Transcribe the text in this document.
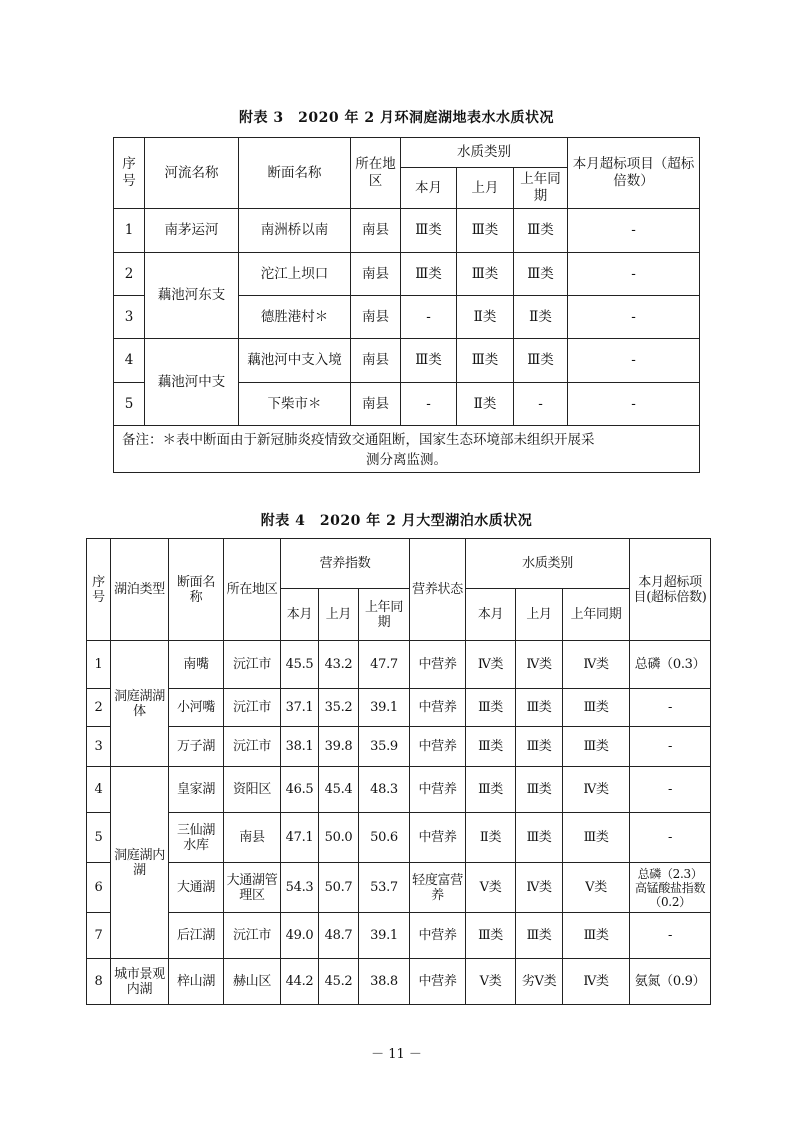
附表 3　2020 年 2 月环洞庭湖地表水水质状况
序号	河流名称	断面名称	所在地区	水质类别			本月超标项目（超标倍数）
				本月	上月	上年同期	
1	南茅运河	南洲桥以南	南县	Ⅲ类	Ⅲ类	Ⅲ类	-
2	藕池河东支	沱江上坝口	南县	Ⅲ类	Ⅲ类	Ⅲ类	-
3		德胜港村＊	南县	-	Ⅱ类	Ⅱ类	-
4	藕池河中支	藕池河中支入境	南县	Ⅲ类	Ⅲ类	Ⅲ类	-
5		下柴市＊	南县	-	Ⅱ类	-	-
备注：＊表中断面由于新冠肺炎疫情致交通阻断，国家生态环境部未组织开展采
测分离监测。							
附表 4　2020 年 2 月大型湖泊水质状况
序号	湖泊类型	断面名称	所在地区	营养指数			营养状态	水质类别			本月超标项目(超标倍数)
				本月	上月	上年同期		本月	上月	上年同期	
1	洞庭湖湖体	南嘴	沅江市	45.5	43.2	47.7	中营养	Ⅳ类	Ⅳ类	Ⅳ类	总磷（0.3）
2		小河嘴	沅江市	37.1	35.2	39.1	中营养	Ⅲ类	Ⅲ类	Ⅲ类	-
3		万子湖	沅江市	38.1	39.8	35.9	中营养	Ⅲ类	Ⅲ类	Ⅲ类	-
4	洞庭湖内湖	皇家湖	资阳区	46.5	45.4	48.3	中营养	Ⅲ类	Ⅲ类	Ⅳ类	-
5		三仙湖水库	南县	47.1	50.0	50.6	中营养	Ⅱ类	Ⅲ类	Ⅲ类	-
6		大通湖	大通湖管理区	54.3	50.7	53.7	轻度富营养	Ⅴ类	Ⅳ类	Ⅴ类	总磷（2.3）高锰酸盐指数（0.2）
7		后江湖	沅江市	49.0	48.7	39.1	中营养	Ⅲ类	Ⅲ类	Ⅲ类	-
8	城市景观内湖	梓山湖	赫山区	44.2	45.2	38.8	中营养	Ⅴ类	劣Ⅴ类	Ⅳ类	氨氮（0.9）
－ 11 －
